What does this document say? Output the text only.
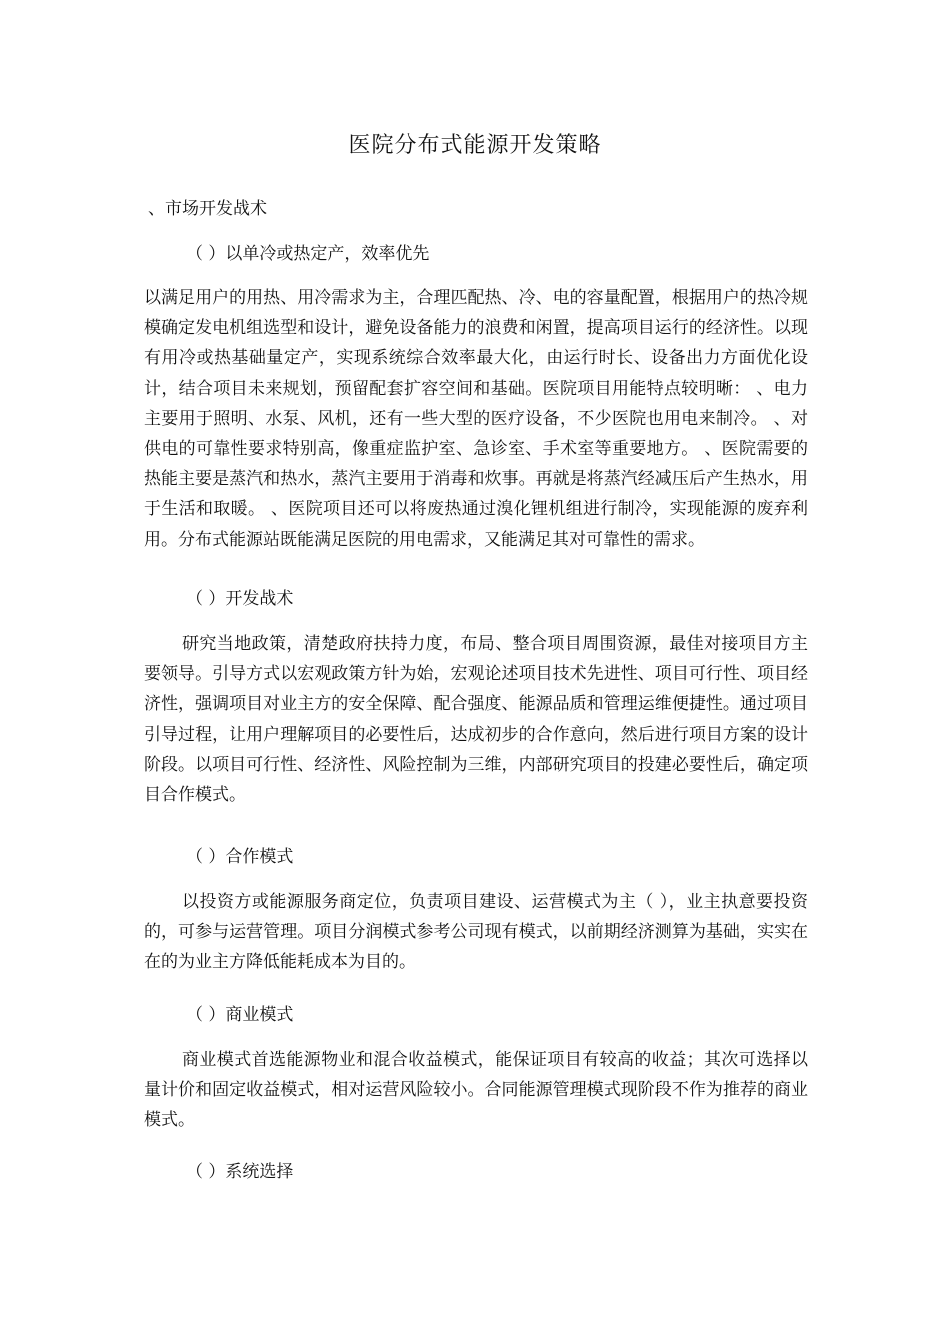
医院分布式能源开发策略
、市场开发战术
（ ）以单冷或热定产，效率优先

以满足用户的用热、用冷需求为主，合理匹配热、冷、电的容量配置，根据用户的热冷规模确定发电机组选型和设计，避免设备能力的浪费和闲置，提高项目运行的经济性。以现有用冷或热基础量定产，实现系统综合效率最大化，由运行时长、设备出力方面优化设计，结合项目未来规划，预留配套扩容空间和基础。医院项目用能特点较明晰： 、电力主要用于照明、水泵、风机，还有一些大型的医疗设备，不少医院也用电来制冷。 、对供电的可靠性要求特别高，像重症监护室、急诊室、手术室等重要地方。 、医院需要的热能主要是蒸汽和热水，蒸汽主要用于消毒和炊事。再就是将蒸汽经减压后产生热水，用于生活和取暖。 、医院项目还可以将废热通过溴化锂机组进行制冷，实现能源的废弃利用。分布式能源站既能满足医院的用电需求，又能满足其对可靠性的需求。

（ ）开发战术

研究当地政策，清楚政府扶持力度，布局、整合项目周围资源，最佳对接项目方主要领导。引导方式以宏观政策方针为始，宏观论述项目技术先进性、项目可行性、项目经济性，强调项目对业主方的安全保障、配合强度、能源品质和管理运维便捷性。通过项目引导过程，让用户理解项目的必要性后，达成初步的合作意向，然后进行项目方案的设计阶段。以项目可行性、经济性、风险控制为三维，内部研究项目的投建必要性后，确定项目合作模式。

（ ）合作模式

以投资方或能源服务商定位，负责项目建设、运营模式为主（ ），业主执意要投资的，可参与运营管理。项目分润模式参考公司现有模式，以前期经济测算为基础，实实在在的为业主方降低能耗成本为目的。

（ ）商业模式

商业模式首选能源物业和混合收益模式，能保证项目有较高的收益；其次可选择以量计价和固定收益模式，相对运营风险较小。合同能源管理模式现阶段不作为推荐的商业模式。

（ ）系统选择
